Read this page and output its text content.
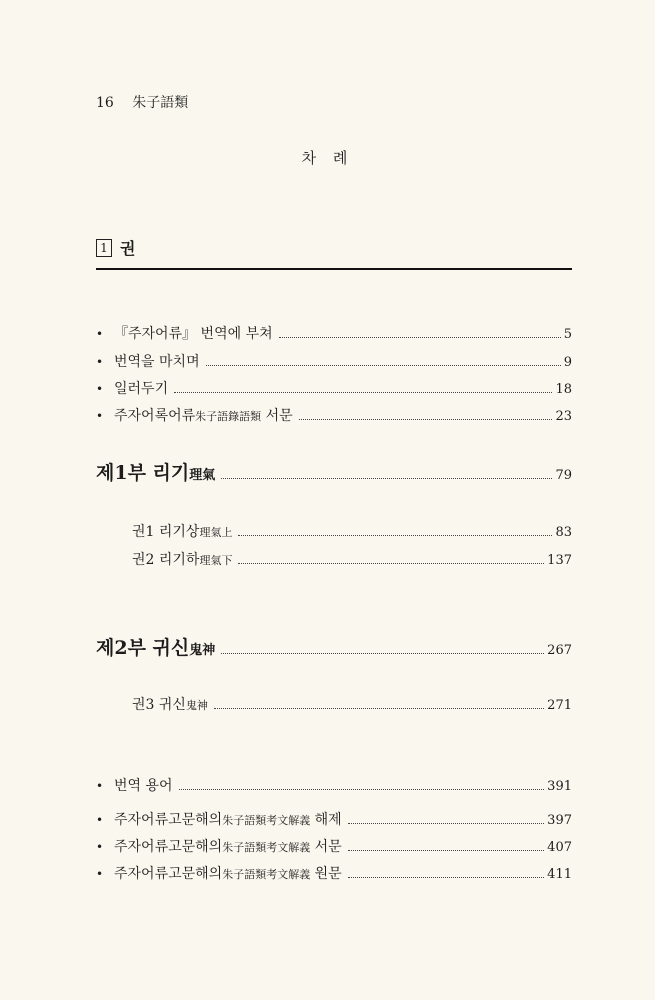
16 朱子語類
차 례
1 권
• 『주자어류』 번역에 부쳐	5
• 번역을 마치며	9
• 일러두기	18
• 주자어록어류朱子語錄語類 서문	23
제1부 리기理氣	79
권1 리기상理氣上	83
권2 리기하理氣下	137
제2부 귀신鬼神	267
권3 귀신鬼神	271
• 번역 용어	391
• 주자어류고문해의朱子語類考文解義 해제	397
• 주자어류고문해의朱子語類考文解義 서문	407
• 주자어류고문해의朱子語類考文解義 원문	411
